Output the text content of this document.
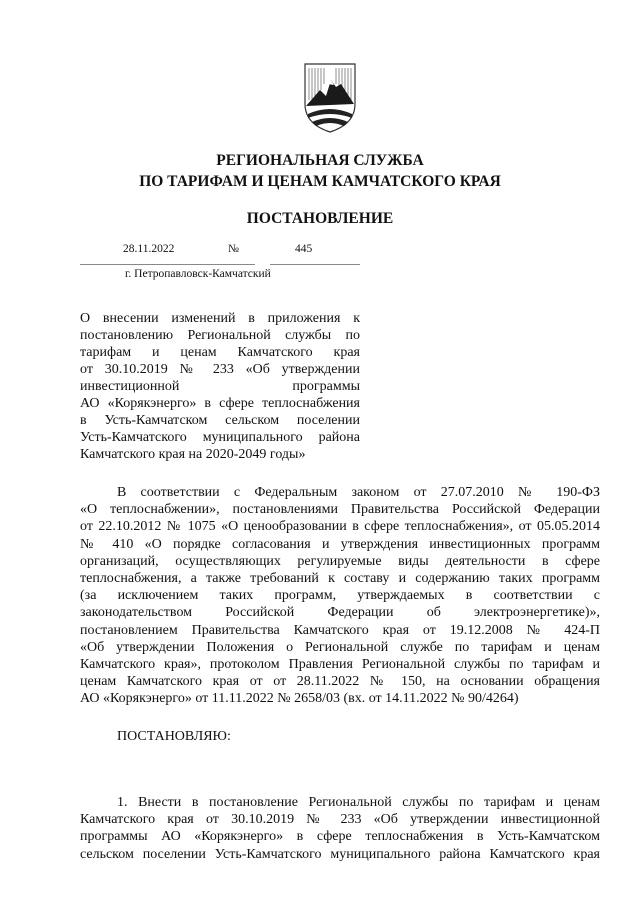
РЕГИОНАЛЬНАЯ СЛУЖБА
ПО ТАРИФАМ И ЦЕНАМ КАМЧАТСКОГО КРАЯ
ПОСТАНОВЛЕНИЕ
28.11.2022	№	445
г. Петропавловск-Камчатский
О внесении изменений в приложения к
постановлению Региональной службы по
тарифам и ценам Камчатского края
от 30.10.2019 № 233 «Об утверждении
инвестиционной программы
АО «Корякэнерго» в сфере теплоснабжения
в Усть-Камчатском сельском поселении
Усть-Камчатского муниципального района
Камчатского края на 2020-2049 годы»
В соответствии с Федеральным законом от 27.07.2010 № 190-ФЗ
«О теплоснабжении», постановлениями Правительства Российской Федерации
от 22.10.2012 № 1075 «О ценообразовании в сфере теплоснабжения», от 05.05.2014
№ 410 «О порядке согласования и утверждения инвестиционных программ
организаций, осуществляющих регулируемые виды деятельности в сфере
теплоснабжения, а также требований к составу и содержанию таких программ
(за исключением таких программ, утверждаемых в соответствии с
законодательством Российской Федерации об электроэнергетике)»,
постановлением Правительства Камчатского края от 19.12.2008 № 424-П
«Об утверждении Положения о Региональной службе по тарифам и ценам
Камчатского края», протоколом Правления Региональной службы по тарифам и
ценам Камчатского края от от 28.11.2022 № 150, на основании обращения
АО «Корякэнерго» от 11.11.2022 № 2658/03 (вх. от 14.11.2022 № 90/4264)
ПОСТАНОВЛЯЮ:
1. Внести в постановление Региональной службы по тарифам и ценам
Камчатского края от 30.10.2019 № 233 «Об утверждении инвестиционной
программы АО «Корякэнерго» в сфере теплоснабжения в Усть-Камчатском
сельском поселении Усть-Камчатского муниципального района Камчатского края
